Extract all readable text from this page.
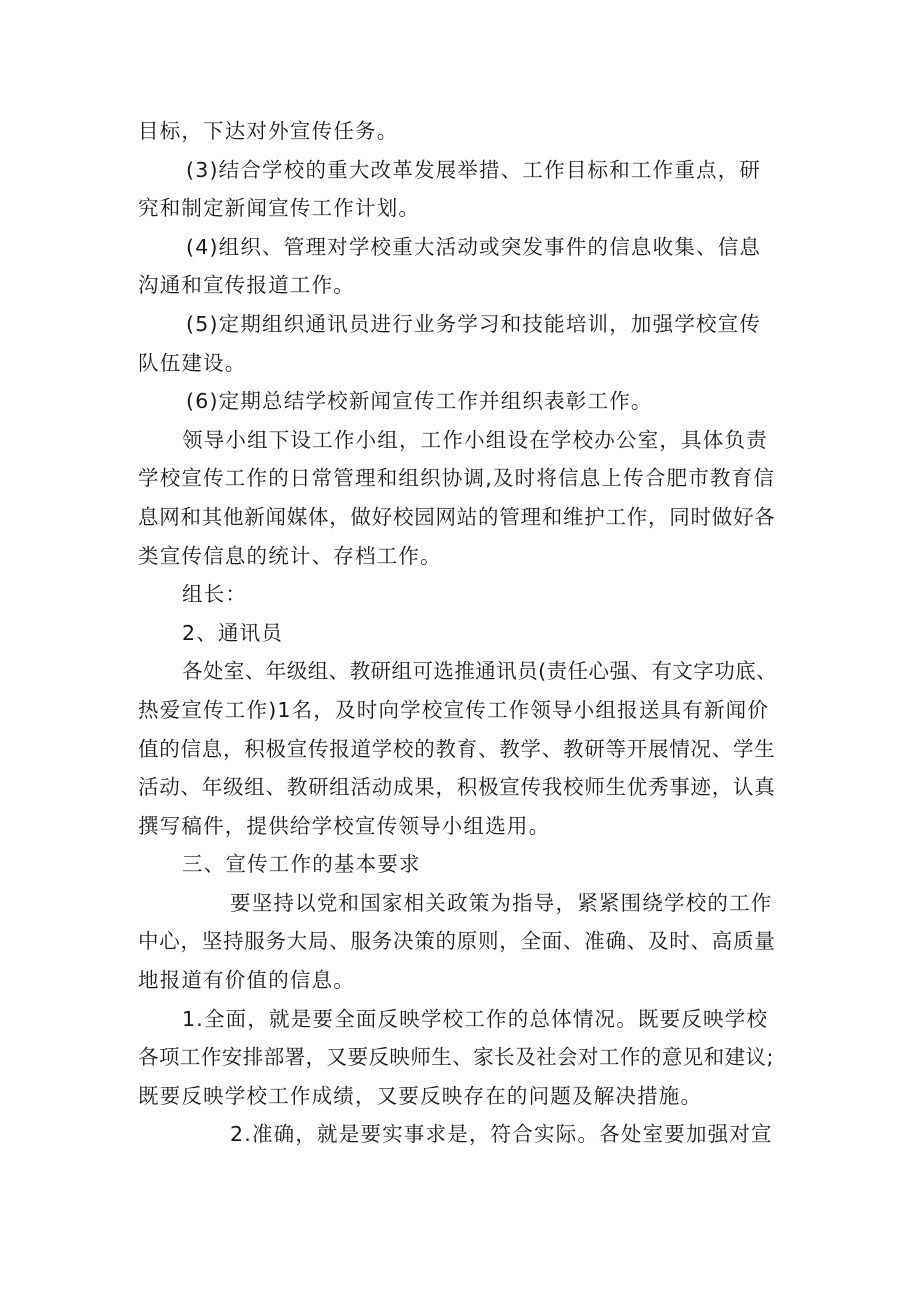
目标，下达对外宣传任务。
(3)结合学校的重大改革发展举措、工作目标和工作重点，研
究和制定新闻宣传工作计划。
(4)组织、管理对学校重大活动或突发事件的信息收集、信息
沟通和宣传报道工作。
(5)定期组织通讯员进行业务学习和技能培训，加强学校宣传
队伍建设。
(6)定期总结学校新闻宣传工作并组织表彰工作。
领导小组下设工作小组，工作小组设在学校办公室，具体负责
学校宣传工作的日常管理和组织协调,及时将信息上传合肥市教育信
息网和其他新闻媒体，做好校园网站的管理和维护工作，同时做好各
类宣传信息的统计、存档工作。
组长：
2、通讯员
各处室、年级组、教研组可选推通讯员(责任心强、有文字功底、
热爱宣传工作)1名，及时向学校宣传工作领导小组报送具有新闻价
值的信息，积极宣传报道学校的教育、教学、教研等开展情况、学生
活动、年级组、教研组活动成果，积极宣传我校师生优秀事迹，认真
撰写稿件，提供给学校宣传领导小组选用。
三、宣传工作的基本要求
要坚持以党和国家相关政策为指导，紧紧围绕学校的工作
中心，坚持服务大局、服务决策的原则，全面、准确、及时、高质量
地报道有价值的信息。
1.全面，就是要全面反映学校工作的总体情况。既要反映学校
各项工作安排部署，又要反映师生、家长及社会对工作的意见和建议;
既要反映学校工作成绩，又要反映存在的问题及解决措施。
2.准确，就是要实事求是，符合实际。各处室要加强对宣
